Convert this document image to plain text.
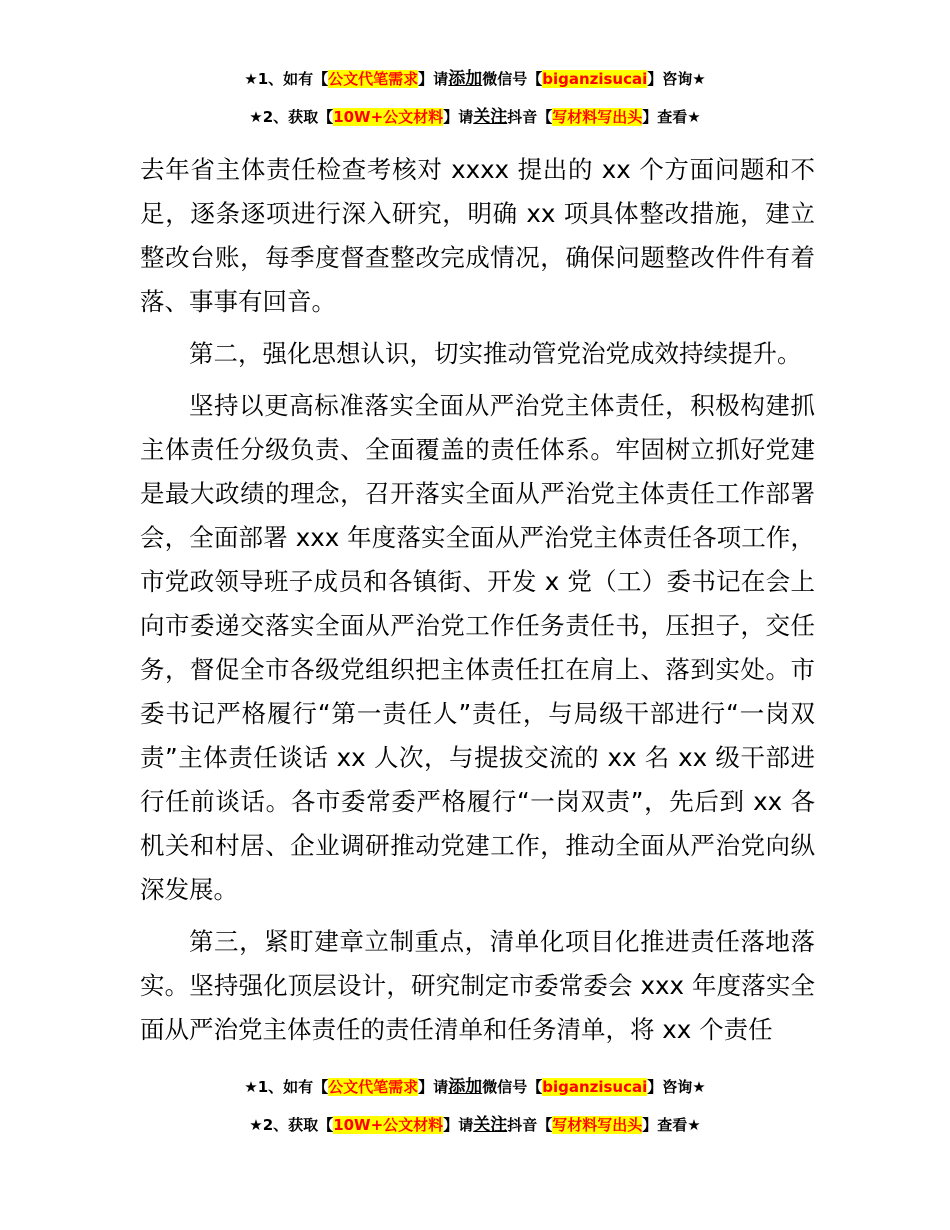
★1、如有【公文代笔需求】请添加微信号【biganzisucai】咨询★
★2、获取【10W+公文材料】请关注抖音【写材料写出头】查看★

去年省主体责任检查考核对 xxxx 提出的 xx 个方面问题和不足，逐条逐项进行深入研究，明确 xx 项具体整改措施，建立整改台账，每季度督查整改完成情况，确保问题整改件件有着落、事事有回音。

第二，强化思想认识，切实推动管党治党成效持续提升。

坚持以更高标准落实全面从严治党主体责任，积极构建抓主体责任分级负责、全面覆盖的责任体系。牢固树立抓好党建是最大政绩的理念，召开落实全面从严治党主体责任工作部署会，全面部署 xxx 年度落实全面从严治党主体责任各项工作，市党政领导班子成员和各镇街、开发 x 党（工）委书记在会上向市委递交落实全面从严治党工作任务责任书，压担子，交任务，督促全市各级党组织把主体责任扛在肩上、落到实处。市委书记严格履行“第一责任人”责任，与局级干部进行“一岗双责”主体责任谈话 xx 人次，与提拔交流的 xx 名 xx 级干部进行任前谈话。各市委常委严格履行“一岗双责”，先后到 xx 各机关和村居、企业调研推动党建工作，推动全面从严治党向纵深发展。

第三，紧盯建章立制重点，清单化项目化推进责任落地落实。坚持强化顶层设计，研究制定市委常委会 xxx 年度落实全面从严治党主体责任的责任清单和任务清单，将 xx 个责任

★1、如有【公文代笔需求】请添加微信号【biganzisucai】咨询★
★2、获取【10W+公文材料】请关注抖音【写材料写出头】查看★
